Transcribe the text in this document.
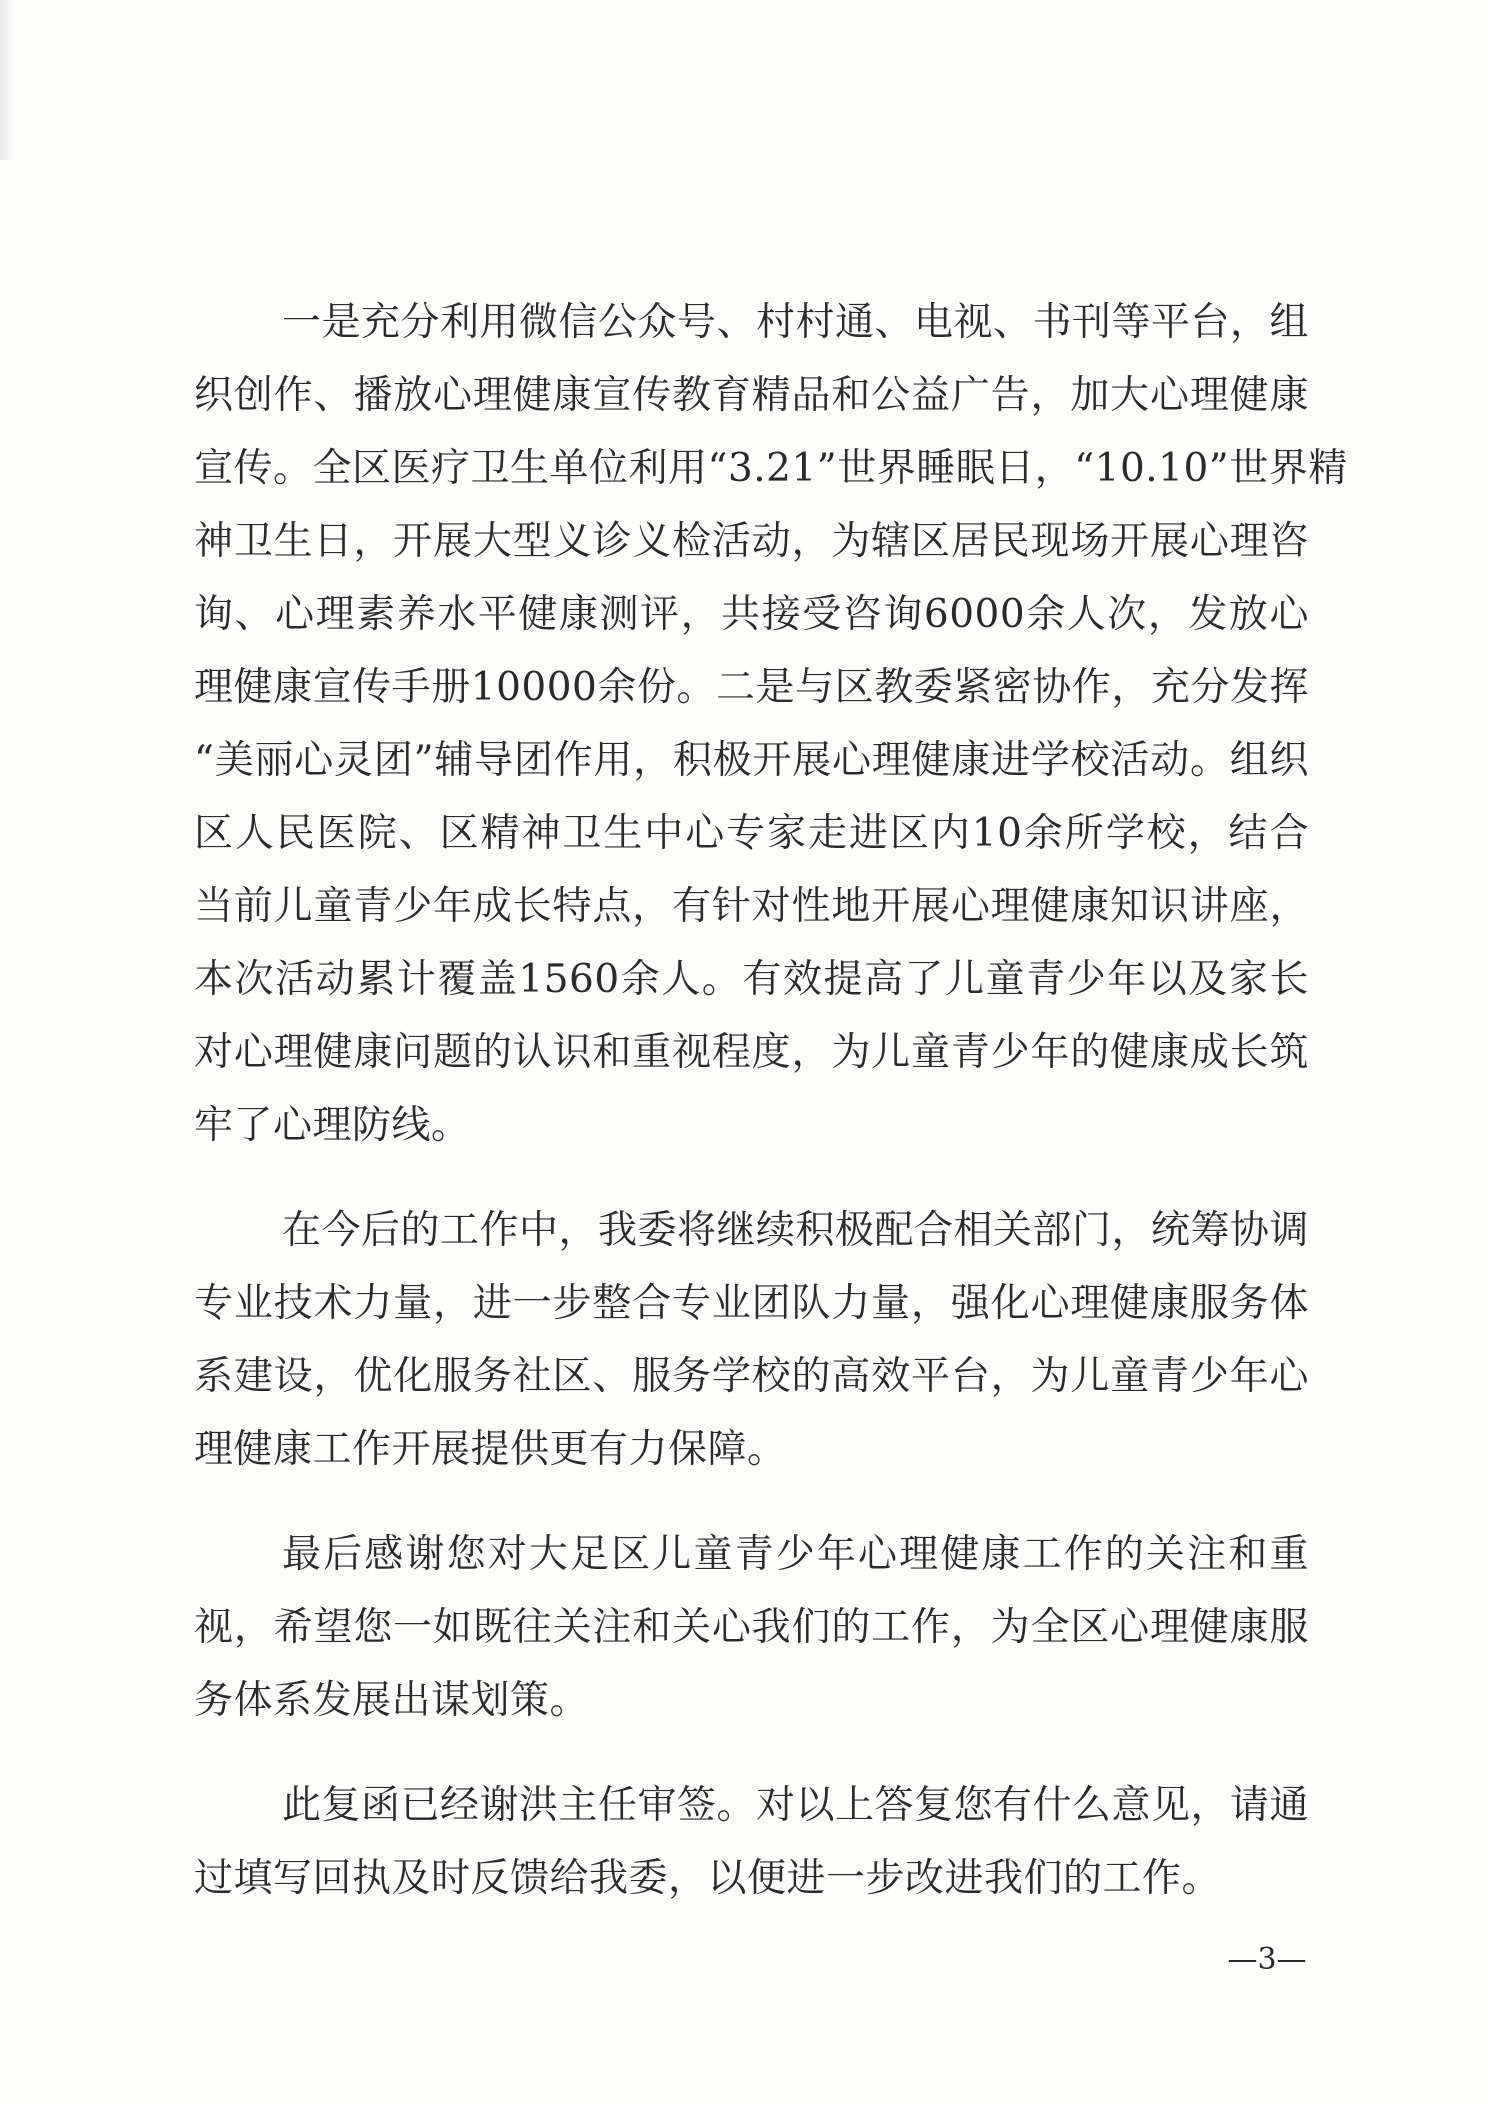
一是充分利用微信公众号、村村通、电视、书刊等平台，组
织创作、播放心理健康宣传教育精品和公益广告，加大心理健康
宣传。全区医疗卫生单位利用“3.21”世界睡眠日，“10.10”世界精
神卫生日，开展大型义诊义检活动，为辖区居民现场开展心理咨
询、心理素养水平健康测评，共接受咨询6000余人次，发放心
理健康宣传手册10000余份。二是与区教委紧密协作，充分发挥
“美丽心灵团”辅导团作用，积极开展心理健康进学校活动。组织
区人民医院、区精神卫生中心专家走进区内10余所学校，结合
当前儿童青少年成长特点，有针对性地开展心理健康知识讲座，
本次活动累计覆盖1560余人。有效提高了儿童青少年以及家长
对心理健康问题的认识和重视程度，为儿童青少年的健康成长筑
牢了心理防线。
在今后的工作中，我委将继续积极配合相关部门，统筹协调
专业技术力量，进一步整合专业团队力量，强化心理健康服务体
系建设，优化服务社区、服务学校的高效平台，为儿童青少年心
理健康工作开展提供更有力保障。
最后感谢您对大足区儿童青少年心理健康工作的关注和重
视，希望您一如既往关注和关心我们的工作，为全区心理健康服
务体系发展出谋划策。
此复函已经谢洪主任审签。对以上答复您有什么意见，请通
过填写回执及时反馈给我委，以便进一步改进我们的工作。
—3—
